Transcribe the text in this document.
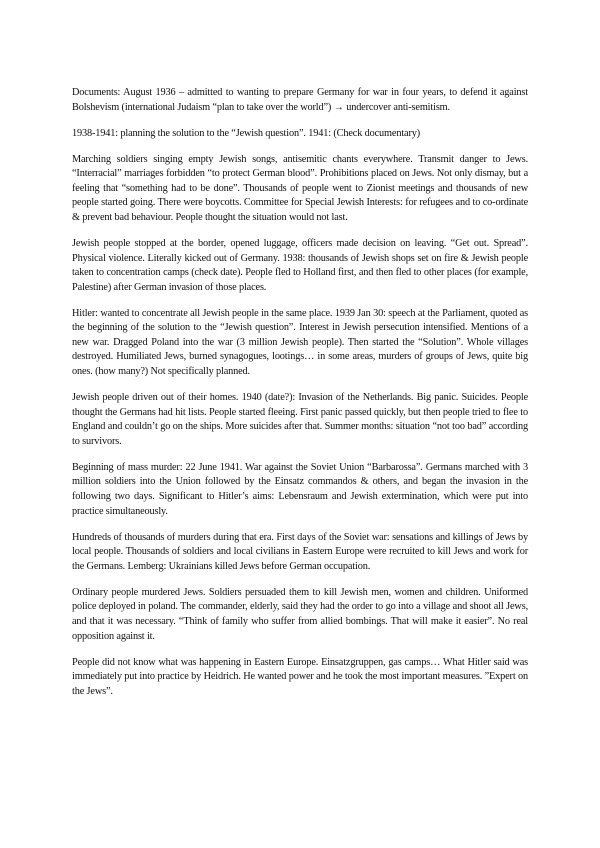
Documents: August 1936 – admitted to wanting to prepare Germany for war in four years, to defend it against Bolshevism (international Judaism “plan to take over the world”) → undercover anti-semitism.

1938-1941: planning the solution to the “Jewish question”. 1941: (Check documentary)

Marching soldiers singing empty Jewish songs, antisemitic chants everywhere. Transmit danger to Jews. “Interracial” marriages forbidden “to protect German blood”. Prohibitions placed on Jews. Not only dismay, but a feeling that “something had to be done”. Thousands of people went to Zionist meetings and thousands of new people started going. There were boycotts. Committee for Special Jewish Interests: for refugees and to co-ordinate & prevent bad behaviour. People thought the situation would not last.

Jewish people stopped at the border, opened luggage, officers made decision on leaving. “Get out. Spread”. Physical violence. Literally kicked out of Germany. 1938: thousands of Jewish shops set on fire & Jewish people taken to concentration camps (check date). People fled to Holland first, and then fled to other places (for example, Palestine) after German invasion of those places.

Hitler: wanted to concentrate all Jewish people in the same place. 1939 Jan 30: speech at the Parliament, quoted as the beginning of the solution to the “Jewish question”. Interest in Jewish persecution intensified. Mentions of a new war. Dragged Poland into the war (3 million Jewish people). Then started the “Solution”. Whole villages destroyed. Humiliated Jews, burned synagogues, lootings… in some areas, murders of groups of Jews, quite big ones. (how many?) Not specifically planned.

Jewish people driven out of their homes. 1940 (date?): Invasion of the Netherlands. Big panic. Suicides. People thought the Germans had hit lists. People started fleeing. First panic passed quickly, but then people tried to flee to England and couldn’t go on the ships. More suicides after that. Summer months: situation “not too bad” according to survivors.

Beginning of mass murder: 22 June 1941. War against the Soviet Union “Barbarossa”. Germans marched with 3 million soldiers into the Union followed by the Einsatz commandos & others, and began the invasion in the following two days. Significant to Hitler’s aims: Lebensraum and Jewish extermination, which were put into practice simultaneously.

Hundreds of thousands of murders during that era. First days of the Soviet war: sensations and killings of Jews by local people. Thousands of soldiers and local civilians in Eastern Europe were recruited to kill Jews and work for the Germans. Lemberg: Ukrainians killed Jews before German occupation.

Ordinary people murdered Jews. Soldiers persuaded them to kill Jewish men, women and children. Uniformed police deployed in poland. The commander, elderly, said they had the order to go into a village and shoot all Jews, and that it was necessary. “Think of family who suffer from allied bombings. That will make it easier”. No real opposition against it.

People did not know what was happening in Eastern Europe. Einsatzgruppen, gas camps… What Hitler said was immediately put into practice by Heidrich. He wanted power and he took the most important measures. ”Expert on the Jews”.
